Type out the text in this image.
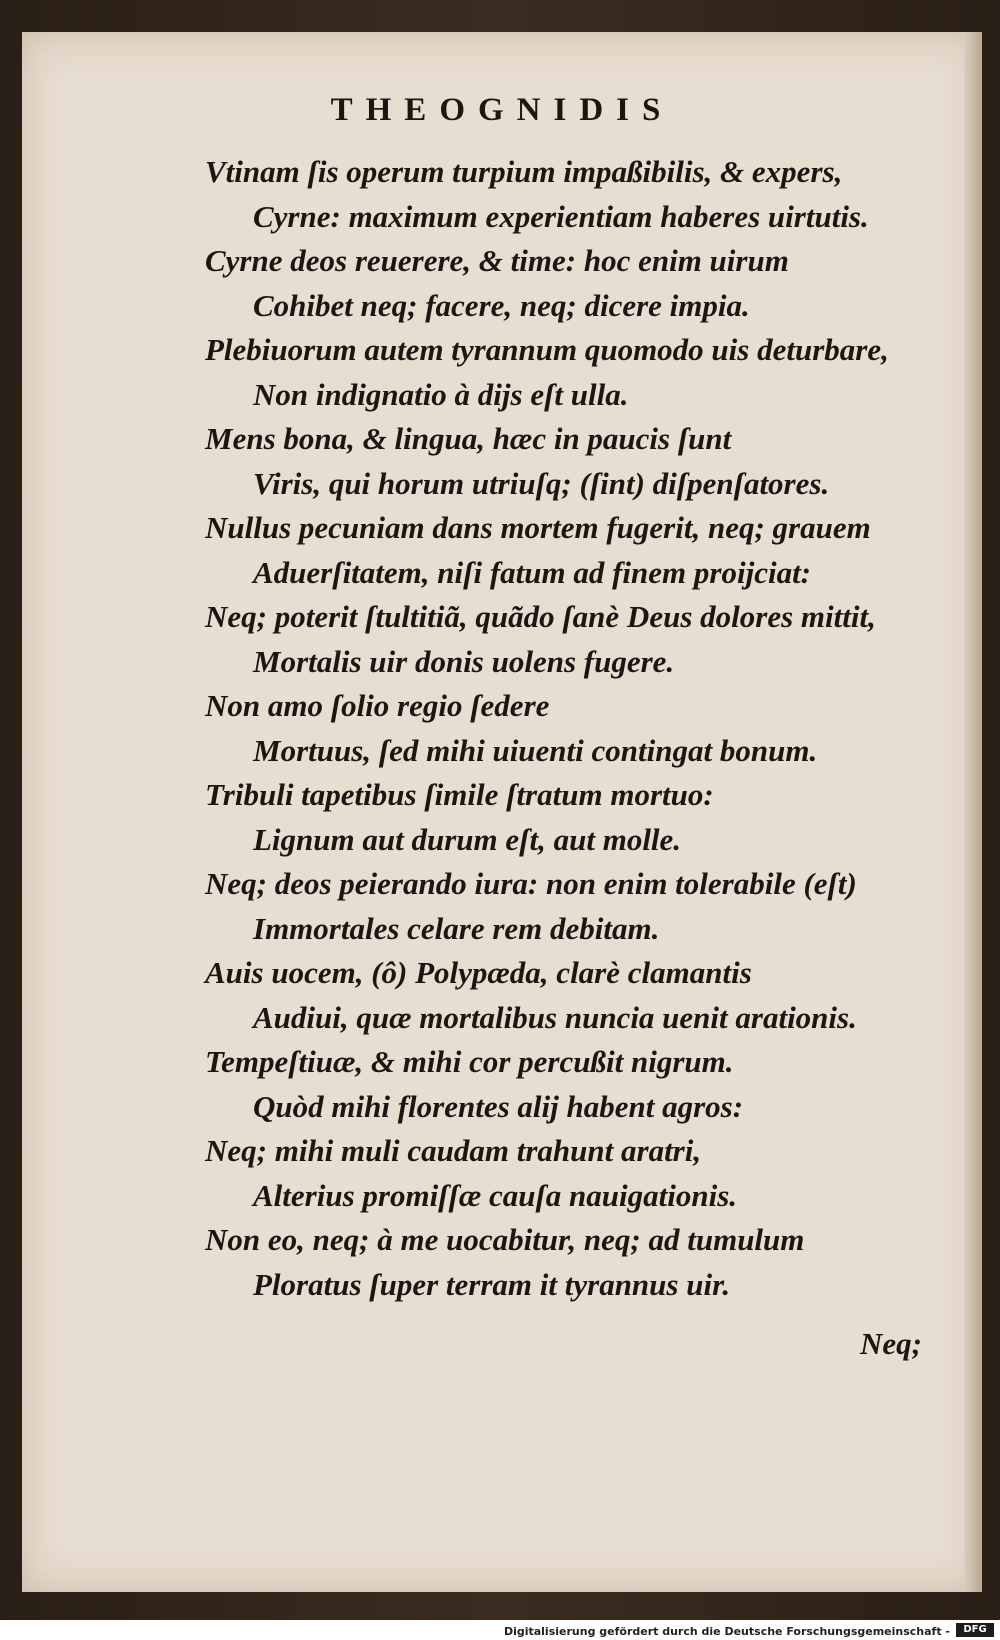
THEOGNIDIS
Vtinam ſis operum turpium impaßibilis, & expers,
Cyrne: maximum experientiam haberes uirtutis.
Cyrne deos reuerere, & time: hoc enim uirum
Cohibet neq; facere, neq; dicere impia.
Plebiuorum autem tyrannum quomodo uis deturbare,
Non indignatio à dijs eſt ulla.
Mens bona, & lingua, hæc in paucis ſunt
Viris, qui horum utriuſq; (ſint) diſpenſatores.
Nullus pecuniam dans mortem fugerit, neq; grauem
Aduerſitatem, niſi fatum ad finem proijciat:
Neq; poterit ſtultitiã, quãdo ſanè Deus dolores mittit,
Mortalis uir donis uolens fugere.
Non amo ſolio regio ſedere
Mortuus, ſed mihi uiuenti contingat bonum.
Tribuli tapetibus ſimile ſtratum mortuo:
Lignum aut durum eſt, aut molle.
Neq; deos peierando iura: non enim tolerabile (eſt)
Immortales celare rem debitam.
Auis uocem, (ô) Polypæda, clarè clamantis
Audiui, quæ mortalibus nuncia uenit arationis.
Tempeſtiuæ, & mihi cor percußit nigrum.
Quòd mihi florentes alij habent agros:
Neq; mihi muli caudam trahunt aratri,
Alterius promiſſæ cauſa nauigationis.
Non eo, neq; à me uocabitur, neq; ad tumulum
Ploratus ſuper terram it tyrannus uir.
Neq;
Digitalisierung gefördert durch die Deutsche Forschungsgemeinschaft -	DFG
